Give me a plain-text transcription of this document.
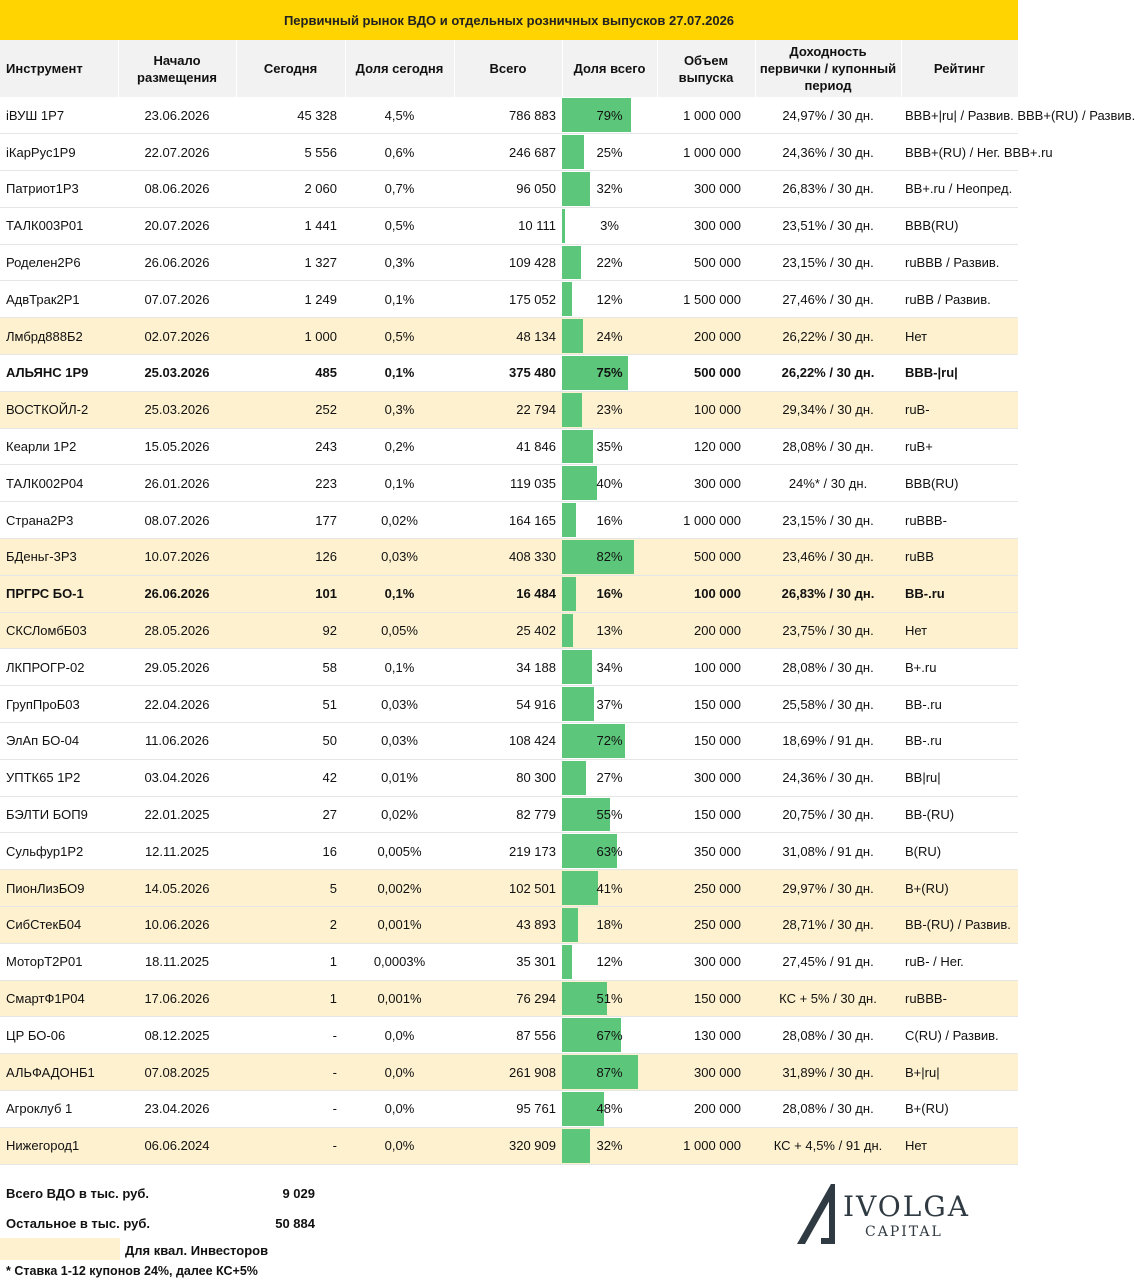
Первичный рынок ВДО и отдельных розничных выпусков 27.07.2026
Инструмент	Начало размещения	Сегодня	Доля сегодня	Всего	Доля всего	Объем выпуска	Доходность первички / купонный период	Рейтинг
iВУШ 1Р7	23.06.2026	45 328	4,5%	786 883	79%	1 000 000	24,97% / 30 дн.	BBB+|ru| / Развив. BBB+(RU) / Развив.
iКарРус1Р9	22.07.2026	5 556	0,6%	246 687	25%	1 000 000	24,36% / 30 дн.	BBB+(RU) / Нег. BBB+.ru
Патриот1Р3	08.06.2026	2 060	0,7%	96 050	32%	300 000	26,83% / 30 дн.	BB+.ru / Неопред.
ТАЛК003Р01	20.07.2026	1 441	0,5%	10 111	3%	300 000	23,51% / 30 дн.	BBB(RU)
Роделен2Р6	26.06.2026	1 327	0,3%	109 428	22%	500 000	23,15% / 30 дн.	ruBBB / Развив.
АдвТрак2Р1	07.07.2026	1 249	0,1%	175 052	12%	1 500 000	27,46% / 30 дн.	ruBB / Развив.
Лмбрд888Б2	02.07.2026	1 000	0,5%	48 134	24%	200 000	26,22% / 30 дн.	Нет
АЛЬЯНС 1Р9	25.03.2026	485	0,1%	375 480	75%	500 000	26,22% / 30 дн.	BBB-|ru|
ВОСТКОЙЛ-2	25.03.2026	252	0,3%	22 794	23%	100 000	29,34% / 30 дн.	ruB-
Кеарли 1Р2	15.05.2026	243	0,2%	41 846	35%	120 000	28,08% / 30 дн.	ruB+
ТАЛК002Р04	26.01.2026	223	0,1%	119 035	40%	300 000	24%* / 30 дн.	BBB(RU)
Страна2Р3	08.07.2026	177	0,02%	164 165	16%	1 000 000	23,15% / 30 дн.	ruBBB-
БДеньг-3Р3	10.07.2026	126	0,03%	408 330	82%	500 000	23,46% / 30 дн.	ruBB
ПРГРС БО-1	26.06.2026	101	0,1%	16 484	16%	100 000	26,83% / 30 дн.	BB-.ru
СКСЛомбБ03	28.05.2026	92	0,05%	25 402	13%	200 000	23,75% / 30 дн.	Нет
ЛКПРОГР-02	29.05.2026	58	0,1%	34 188	34%	100 000	28,08% / 30 дн.	B+.ru
ГрупПроБ03	22.04.2026	51	0,03%	54 916	37%	150 000	25,58% / 30 дн.	BB-.ru
ЭлАп БО-04	11.06.2026	50	0,03%	108 424	72%	150 000	18,69% / 91 дн.	BB-.ru
УПТК65 1Р2	03.04.2026	42	0,01%	80 300	27%	300 000	24,36% / 30 дн.	BB|ru|
БЭЛТИ БОП9	22.01.2025	27	0,02%	82 779	55%	150 000	20,75% / 30 дн.	BB-(RU)
Сульфур1Р2	12.11.2025	16	0,005%	219 173	63%	350 000	31,08% / 91 дн.	B(RU)
ПионЛизБО9	14.05.2026	5	0,002%	102 501	41%	250 000	29,97% / 30 дн.	B+(RU)
СибСтекБ04	10.06.2026	2	0,001%	43 893	18%	250 000	28,71% / 30 дн.	BB-(RU) / Развив.
МоторТ2Р01	18.11.2025	1	0,0003%	35 301	12%	300 000	27,45% / 91 дн.	ruB- / Нег.
СмартФ1Р04	17.06.2026	1	0,001%	76 294	51%	150 000	КС + 5% / 30 дн.	ruBBB-
ЦР БО-06	08.12.2025	-	0,0%	87 556	67%	130 000	28,08% / 30 дн.	C(RU) / Развив.
АЛЬФАДОНБ1	07.08.2025	-	0,0%	261 908	87%	300 000	31,89% / 30 дн.	B+|ru|
Агроклуб 1	23.04.2026	-	0,0%	95 761	48%	200 000	28,08% / 30 дн.	B+(RU)
Нижегород1	06.06.2024	-	0,0%	320 909	32%	1 000 000	КС + 4,5% / 91 дн.	Нет
Всего ВДО в тыс. руб.	9 029
Остальное в тыс. руб.	50 884
Для квал. Инвесторов
* Ставка 1-12 купонов 24%, далее КС+5%
IVOLGA
CAPITAL
